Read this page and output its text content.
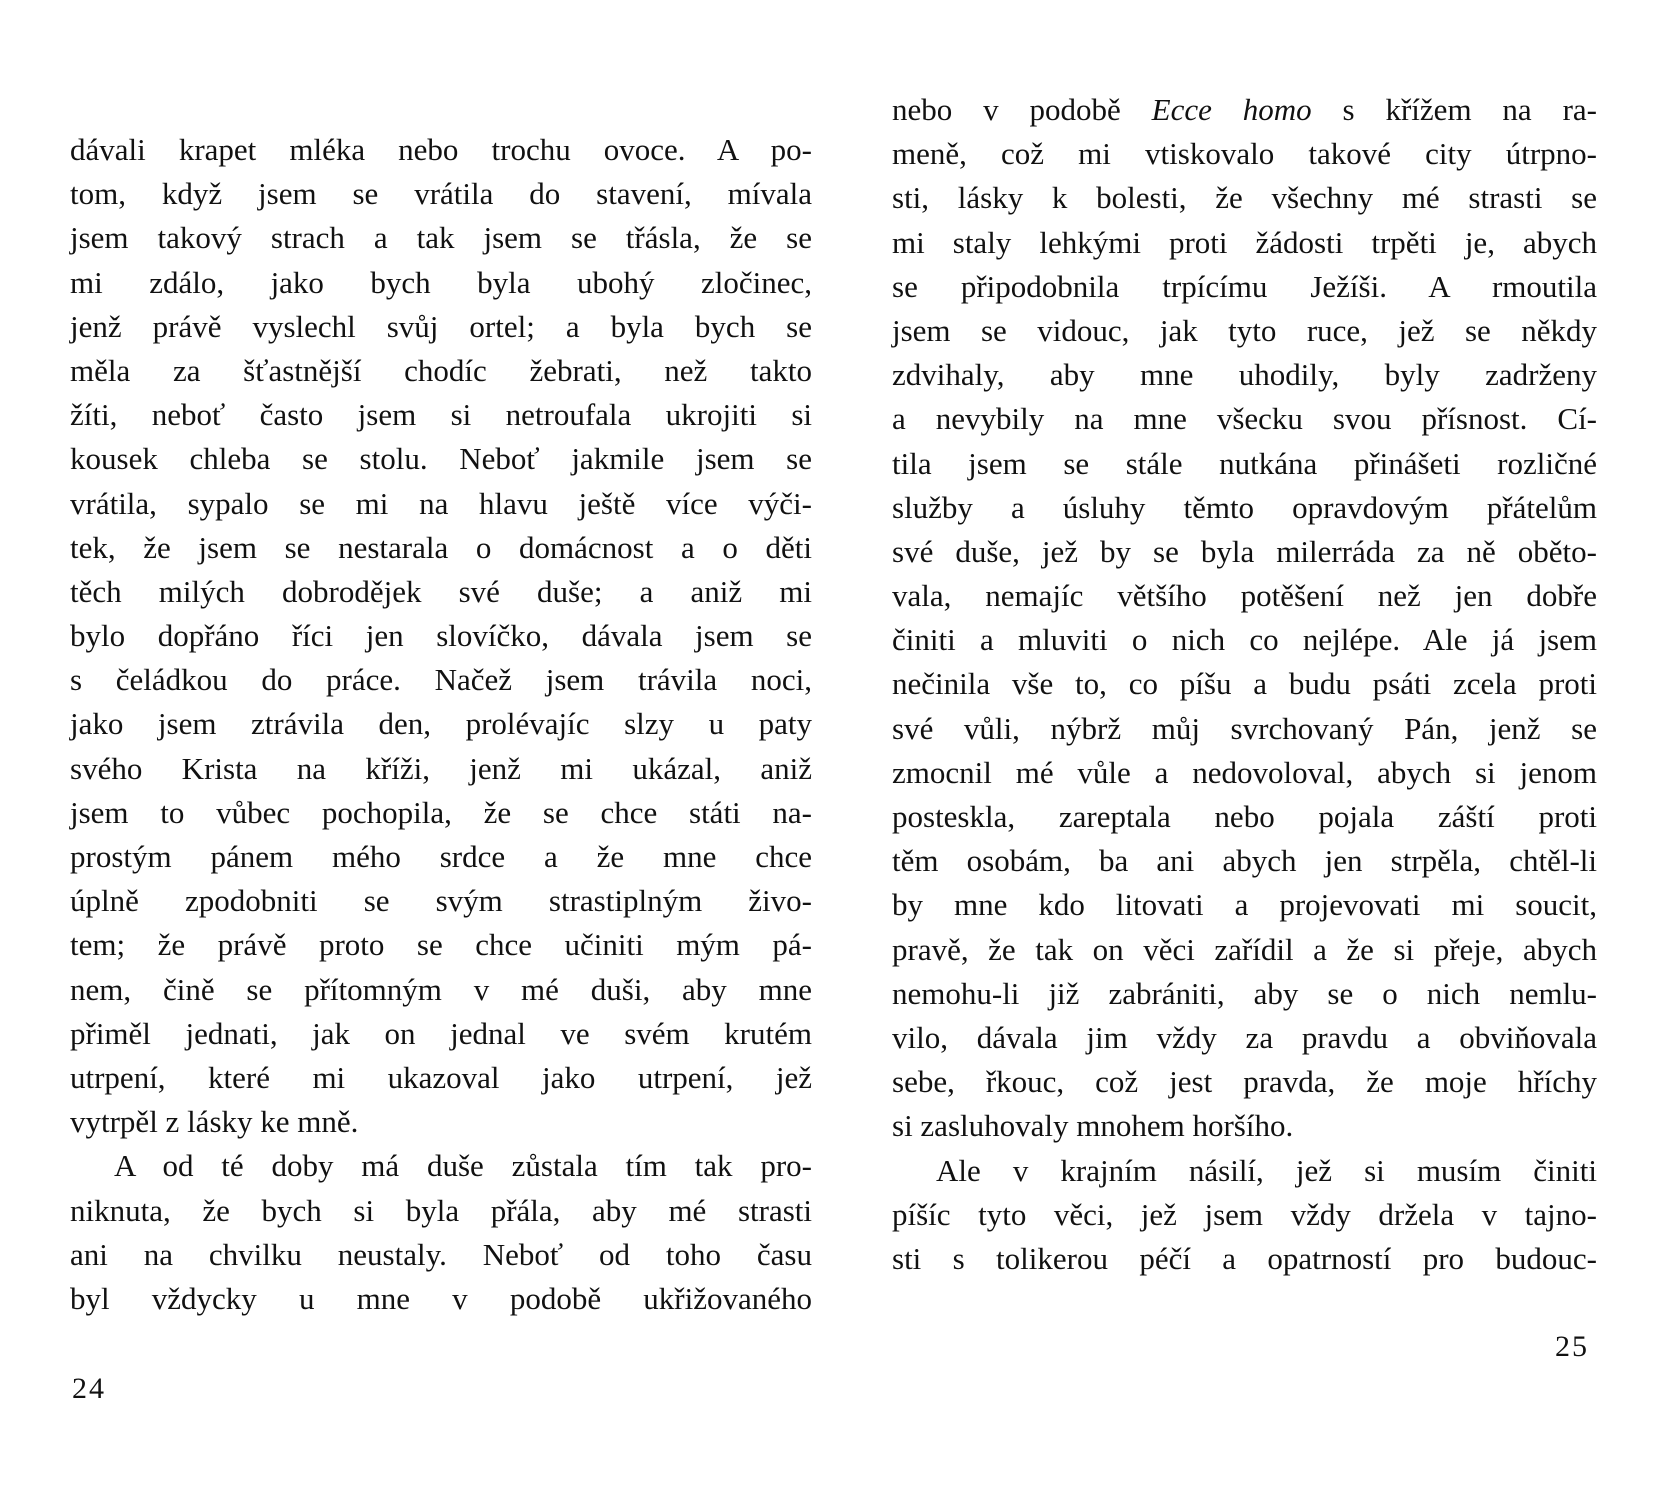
dávali krapet mléka nebo trochu ovoce. A po-
tom, když jsem se vrátila do stavení, mívala
jsem takový strach a tak jsem se třásla, že se
mi zdálo, jako bych byla ubohý zločinec,
jenž právě vyslechl svůj ortel; a byla bych se
měla za šťastnější chodíc žebrati, než takto
žíti, neboť často jsem si netroufala ukrojiti si
kousek chleba se stolu. Neboť jakmile jsem se
vrátila, sypalo se mi na hlavu ještě více výči-
tek, že jsem se nestarala o domácnost a o děti
těch milých dobrodějek své duše; a aniž mi
bylo dopřáno říci jen slovíčko, dávala jsem se
s čeládkou do práce. Načež jsem trávila noci,
jako jsem ztrávila den, prolévajíc slzy u paty
svého Krista na kříži, jenž mi ukázal, aniž
jsem to vůbec pochopila, že se chce státi na-
prostým pánem mého srdce a že mne chce
úplně zpodobniti se svým strastiplným živo-
tem; že právě proto se chce učiniti mým pá-
nem, čině se přítomným v mé duši, aby mne
přiměl jednati, jak on jednal ve svém krutém
utrpení, které mi ukazoval jako utrpení, jež
vytrpěl z lásky ke mně.
A od té doby má duše zůstala tím tak pro-
niknuta, že bych si byla přála, aby mé strasti
ani na chvilku neustaly. Neboť od toho času
byl vždycky u mne v podobě ukřižovaného
24
nebo v podobě Ecce homo s křížem na ra-
meně, což mi vtiskovalo takové city útrpno-
sti, lásky k bolesti, že všechny mé strasti se
mi staly lehkými proti žádosti trpěti je, abych
se připodobnila trpícímu Ježíši. A rmoutila
jsem se vidouc, jak tyto ruce, jež se někdy
zdvihaly, aby mne uhodily, byly zadrženy
a nevybily na mne všecku svou přísnost. Cí-
tila jsem se stále nutkána přinášeti rozličné
služby a úsluhy těmto opravdovým přátelům
své duše, jež by se byla milerráda za ně oběto-
vala, nemajíc většího potěšení než jen dobře
činiti a mluviti o nich co nejlépe. Ale já jsem
nečinila vše to, co píšu a budu psáti zcela proti
své vůli, nýbrž můj svrchovaný Pán, jenž se
zmocnil mé vůle a nedovoloval, abych si jenom
posteskla, zareptala nebo pojala záští proti
těm osobám, ba ani abych jen strpěla, chtěl-li
by mne kdo litovati a projevovati mi soucit,
pravě, že tak on věci zařídil a že si přeje, abych
nemohu-li již zabrániti, aby se o nich nemlu-
vilo, dávala jim vždy za pravdu a obviňovala
sebe, řkouc, což jest pravda, že moje hříchy
si zasluhovaly mnohem horšího.
Ale v krajním násilí, jež si musím činiti
píšíc tyto věci, jež jsem vždy držela v tajno-
sti s tolikerou péčí a opatrností pro budouc-
25
